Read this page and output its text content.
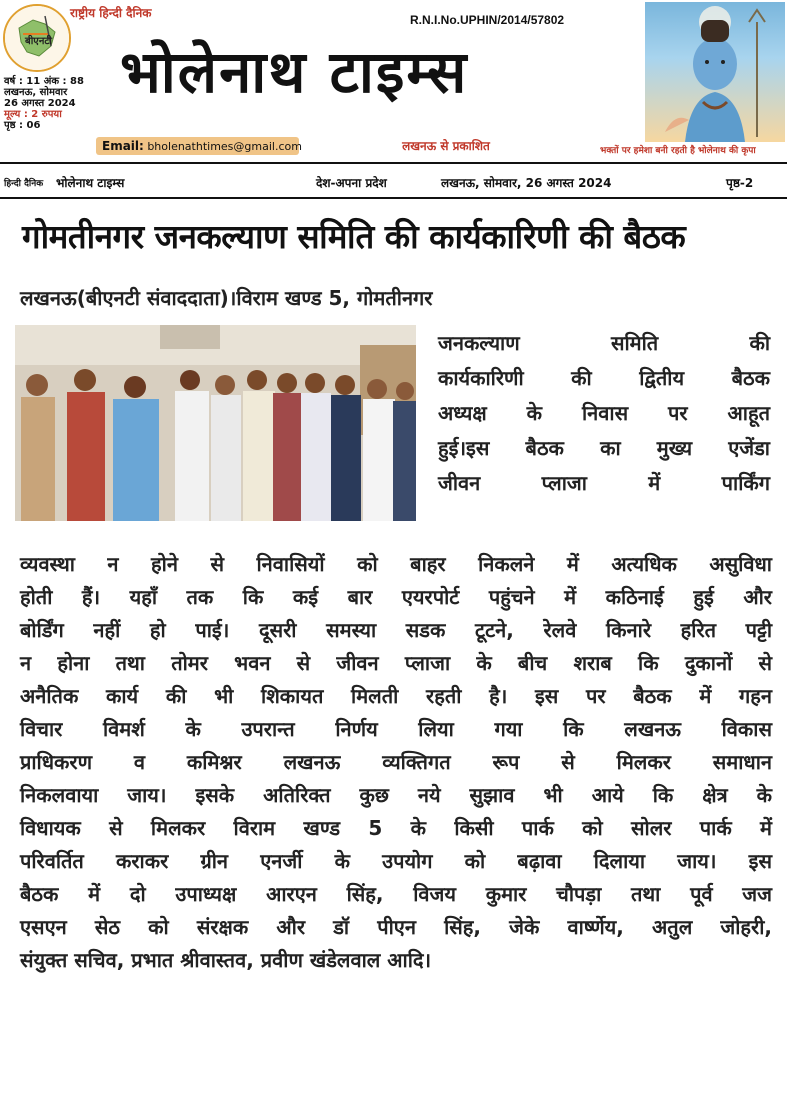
बीएनटी
राष्ट्रीय हिन्दी दैनिक
वर्ष : 11 अंक : 88
लखनऊ, सोमवार
26 अगस्त 2024
मूल्य : 2 रुपया
पृष्ठ : 06
R.N.I.No.UPHIN/2014/57802
भोलेनाथ टाइम्स
Email: bholenathtimes@gmail.com	लखनऊ से प्रकाशित	भक्तों पर हमेशा बनी रहती है भोलेनाथ की कृपा
हिन्दी दैनिक भोलेनाथ टाइम्स	देश-अपना प्रदेश	लखनऊ, सोमवार, 26 अगस्त 2024	पृष्ठ-2
गोमतीनगर जनकल्याण समिति की कार्यकारिणी की बैठक
लखनऊ(बीएनटी संवाददाता)।विराम खण्ड 5, गोमतीनगर
जनकल्याण समिति की
कार्यकारिणी की द्वितीय बैठक
अध्यक्ष के निवास पर आहूत
हुई।इस बैठक का मुख्य एजेंडा
जीवन प्लाजा में पार्किंग
व्यवस्था न होने से निवासियों को बाहर निकलने में अत्यधिक असुविधा
होती हैं। यहाँ तक कि कई बार एयरपोर्ट पहुंचने में कठिनाई हुई और
बोर्डिंग नहीं हो पाई। दूसरी समस्या सडक टूटने, रेलवे किनारे हरित पट्टी
न होना तथा तोमर भवन से जीवन प्लाजा के बीच शराब कि दुकानों से
अनैतिक कार्य की भी शिकायत मिलती रहती है। इस पर बैठक में गहन
विचार विमर्श के उपरान्त निर्णय लिया गया कि लखनऊ विकास
प्राधिकरण व कमिश्नर लखनऊ व्यक्तिगत रूप से मिलकर समाधान
निकलवाया जाय। इसके अतिरिक्त कुछ नये सुझाव भी आये कि क्षेत्र के
विधायक से मिलकर विराम खण्ड 5 के किसी पार्क को सोलर पार्क में
परिवर्तित कराकर ग्रीन एनर्जी के उपयोग को बढ़ावा दिलाया जाय। इस
बैठक में दो उपाध्यक्ष आरएन सिंह, विजय कुमार चौपड़ा तथा पूर्व जज
एसएन सेठ को संरक्षक और डॉ पीएन सिंह, जेके वार्ष्णेय, अतुल जोहरी,
संयुक्त सचिव, प्रभात श्रीवास्तव, प्रवीण खंडेलवाल आदि।
